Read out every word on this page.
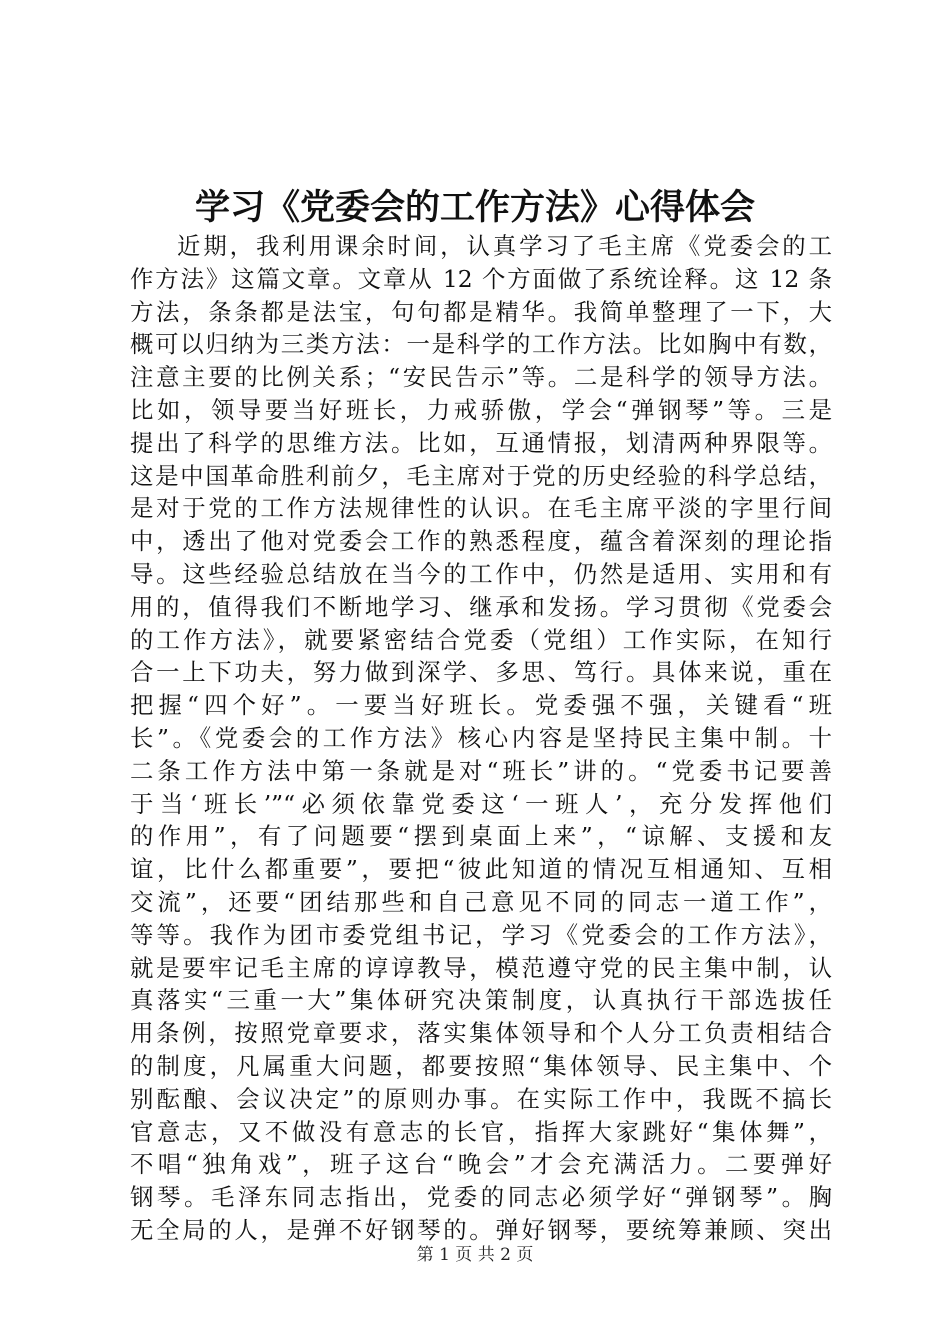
学习《党委会的工作方法》心得体会
近期，我利用课余时间，认真学习了毛主席《党委会的工
作方法》这篇文章。文章从 12 个方面做了系统诠释。这 12 条
方法，条条都是法宝，句句都是精华。我简单整理了一下，大
概可以归纳为三类方法：一是科学的工作方法。比如胸中有数，
注意主要的比例关系；“安民告示”等。二是科学的领导方法。
比如，领导要当好班长，力戒骄傲，学会“弹钢琴”等。三是
提出了科学的思维方法。比如，互通情报，划清两种界限等。
这是中国革命胜利前夕，毛主席对于党的历史经验的科学总结，
是对于党的工作方法规律性的认识。在毛主席平淡的字里行间
中，透出了他对党委会工作的熟悉程度，蕴含着深刻的理论指
导。这些经验总结放在当今的工作中，仍然是适用、实用和有
用的，值得我们不断地学习、继承和发扬。学习贯彻《党委会
的工作方法》，就要紧密结合党委（党组）工作实际，在知行
合一上下功夫，努力做到深学、多思、笃行。具体来说，重在
把握“四个好”。一要当好班长。党委强不强，关键看“班
长”。《党委会的工作方法》核心内容是坚持民主集中制。十
二条工作方法中第一条就是对“班长”讲的。“党委书记要善
于当‘班长’”“必须依靠党委这‘一班人’，充分发挥他们
的作用”，有了问题要“摆到桌面上来”，“谅解、支援和友
谊，比什么都重要”，要把“彼此知道的情况互相通知、互相
交流”，还要“团结那些和自己意见不同的同志一道工作”，
等等。我作为团市委党组书记，学习《党委会的工作方法》，
就是要牢记毛主席的谆谆教导，模范遵守党的民主集中制，认
真落实“三重一大”集体研究决策制度，认真执行干部选拔任
用条例，按照党章要求，落实集体领导和个人分工负责相结合
的制度，凡属重大问题，都要按照“集体领导、民主集中、个
别酝酿、会议决定”的原则办事。在实际工作中，我既不搞长
官意志，又不做没有意志的长官，指挥大家跳好“集体舞”，
不唱“独角戏”，班子这台“晚会”才会充满活力。二要弹好
钢琴。毛泽东同志指出，党委的同志必须学好“弹钢琴”。胸
无全局的人，是弹不好钢琴的。弹好钢琴，要统筹兼顾、突出
第 1 页 共 2 页
